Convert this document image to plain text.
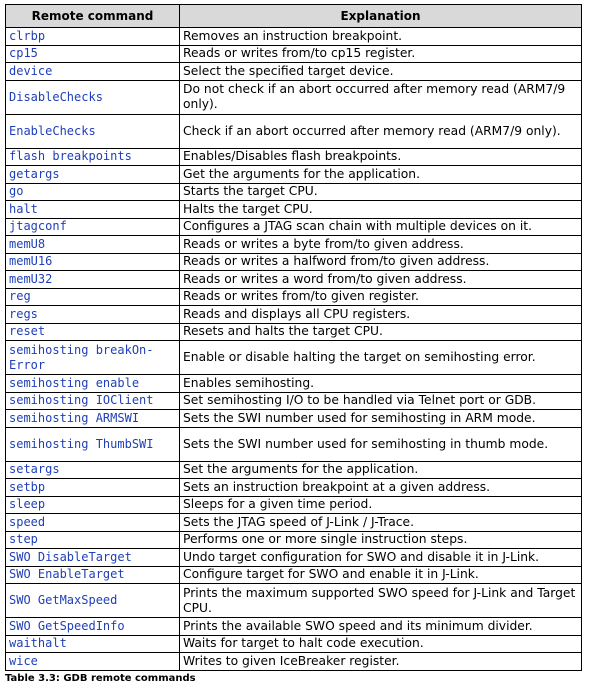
Remote command	Explanation
clrbp	Removes an instruction breakpoint.
cp15	Reads or writes from/to cp15 register.
device	Select the specified target device.
DisableChecks	Do not check if an abort occurred after memory read (ARM7/9 only).
EnableChecks	Check if an abort occurred after memory read (ARM7/9 only).
flash breakpoints	Enables/Disables flash breakpoints.
getargs	Get the arguments for the application.
go	Starts the target CPU.
halt	Halts the target CPU.
jtagconf	Configures a JTAG scan chain with multiple devices on it.
memU8	Reads or writes a byte from/to given address.
memU16	Reads or writes a halfword from/to given address.
memU32	Reads or writes a word from/to given address.
reg	Reads or writes from/to given register.
regs	Reads and displays all CPU registers.
reset	Resets and halts the target CPU.
semihosting breakOn-Error	Enable or disable halting the target on semihosting error.
semihosting enable	Enables semihosting.
semihosting IOClient	Set semihosting I/O to be handled via Telnet port or GDB.
semihosting ARMSWI	Sets the SWI number used for semihosting in ARM mode.
semihosting ThumbSWI	Sets the SWI number used for semihosting in thumb mode.
setargs	Set the arguments for the application.
setbp	Sets an instruction breakpoint at a given address.
sleep	Sleeps for a given time period.
speed	Sets the JTAG speed of J-Link / J-Trace.
step	Performs one or more single instruction steps.
SWO DisableTarget	Undo target configuration for SWO and disable it in J-Link.
SWO EnableTarget	Configure target for SWO and enable it in J-Link.
SWO GetMaxSpeed	Prints the maximum supported SWO speed for J-Link and Target CPU.
SWO GetSpeedInfo	Prints the available SWO speed and its minimum divider.
waithalt	Waits for target to halt code execution.
wice	Writes to given IceBreaker register.
Table 3.3: GDB remote commands
